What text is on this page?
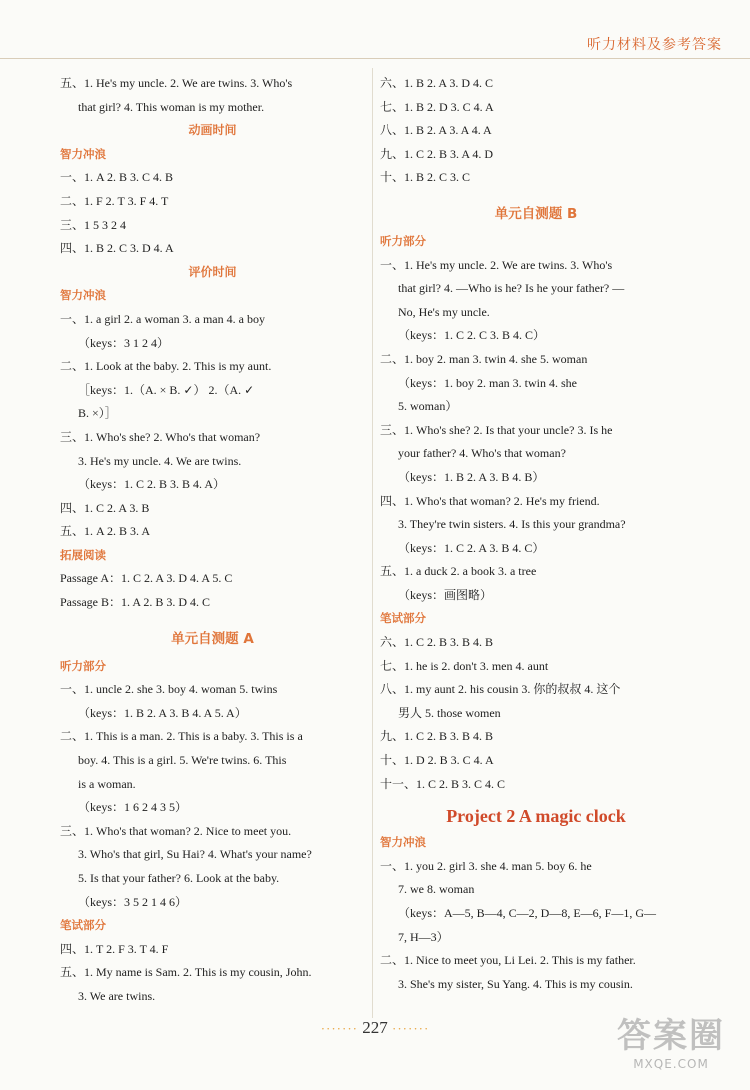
听力材料及参考答案
五、1. He's my uncle. 2. We are twins. 3. Who's
that girl? 4. This woman is my mother.
动画时间
智力冲浪
一、1. A 2. B 3. C 4. B
二、1. F 2. T 3. F 4. T
三、1 5 3 2 4
四、1. B 2. C 3. D 4. A
评价时间
智力冲浪
一、1. a girl 2. a woman 3. a man 4. a boy
（keys：3 1 2 4）
二、1. Look at the baby. 2. This is my aunt.
［keys：1.（A. × B. ✓） 2.（A. ✓
B. ×）］
三、1. Who's she? 2. Who's that woman?
3. He's my uncle. 4. We are twins.
（keys：1. C 2. B 3. B 4. A）
四、1. C 2. A 3. B
五、1. A 2. B 3. A
拓展阅读
Passage A：1. C 2. A 3. D 4. A 5. C
Passage B：1. A 2. B 3. D 4. C
单元自测题 A
听力部分
一、1. uncle 2. she 3. boy 4. woman 5. twins
（keys：1. B 2. A 3. B 4. A 5. A）
二、1. This is a man. 2. This is a baby. 3. This is a
boy. 4. This is a girl. 5. We're twins. 6. This
is a woman.
（keys：1 6 2 4 3 5）
三、1. Who's that woman? 2. Nice to meet you.
3. Who's that girl, Su Hai? 4. What's your name?
5. Is that your father? 6. Look at the baby.
（keys：3 5 2 1 4 6）
笔试部分
四、1. T 2. F 3. T 4. F
五、1. My name is Sam. 2. This is my cousin, John.
3. We are twins.
六、1. B 2. A 3. D 4. C
七、1. B 2. D 3. C 4. A
八、1. B 2. A 3. A 4. A
九、1. C 2. B 3. A 4. D
十、1. B 2. C 3. C
单元自测题 B
听力部分
一、1. He's my uncle. 2. We are twins. 3. Who's
that girl? 4. —Who is he? Is he your father? —
No, He's my uncle.
（keys：1. C 2. C 3. B 4. C）
二、1. boy 2. man 3. twin 4. she 5. woman
（keys：1. boy 2. man 3. twin 4. she
5. woman）
三、1. Who's she? 2. Is that your uncle? 3. Is he
your father? 4. Who's that woman?
（keys：1. B 2. A 3. B 4. B）
四、1. Who's that woman? 2. He's my friend.
3. They're twin sisters. 4. Is this your grandma?
（keys：1. C 2. A 3. B 4. C）
五、1. a duck 2. a book 3. a tree
（keys：画图略）
笔试部分
六、1. C 2. B 3. B 4. B
七、1. he is 2. don't 3. men 4. aunt
八、1. my aunt 2. his cousin 3. 你的叔叔 4. 这个
男人 5. those women
九、1. C 2. B 3. B 4. B
十、1. D 2. B 3. C 4. A
十一、1. C 2. B 3. C 4. C
Project 2 A magic clock
智力冲浪
一、1. you 2. girl 3. she 4. man 5. boy 6. he
7. we 8. woman
（keys：A—5, B—4, C—2, D—8, E—6, F—1, G—
7, H—3）
二、1. Nice to meet you, Li Lei. 2. This is my father.
3. She's my sister, Su Yang. 4. This is my cousin.
······· 227 ·······	答案圈
MXQE.COM
